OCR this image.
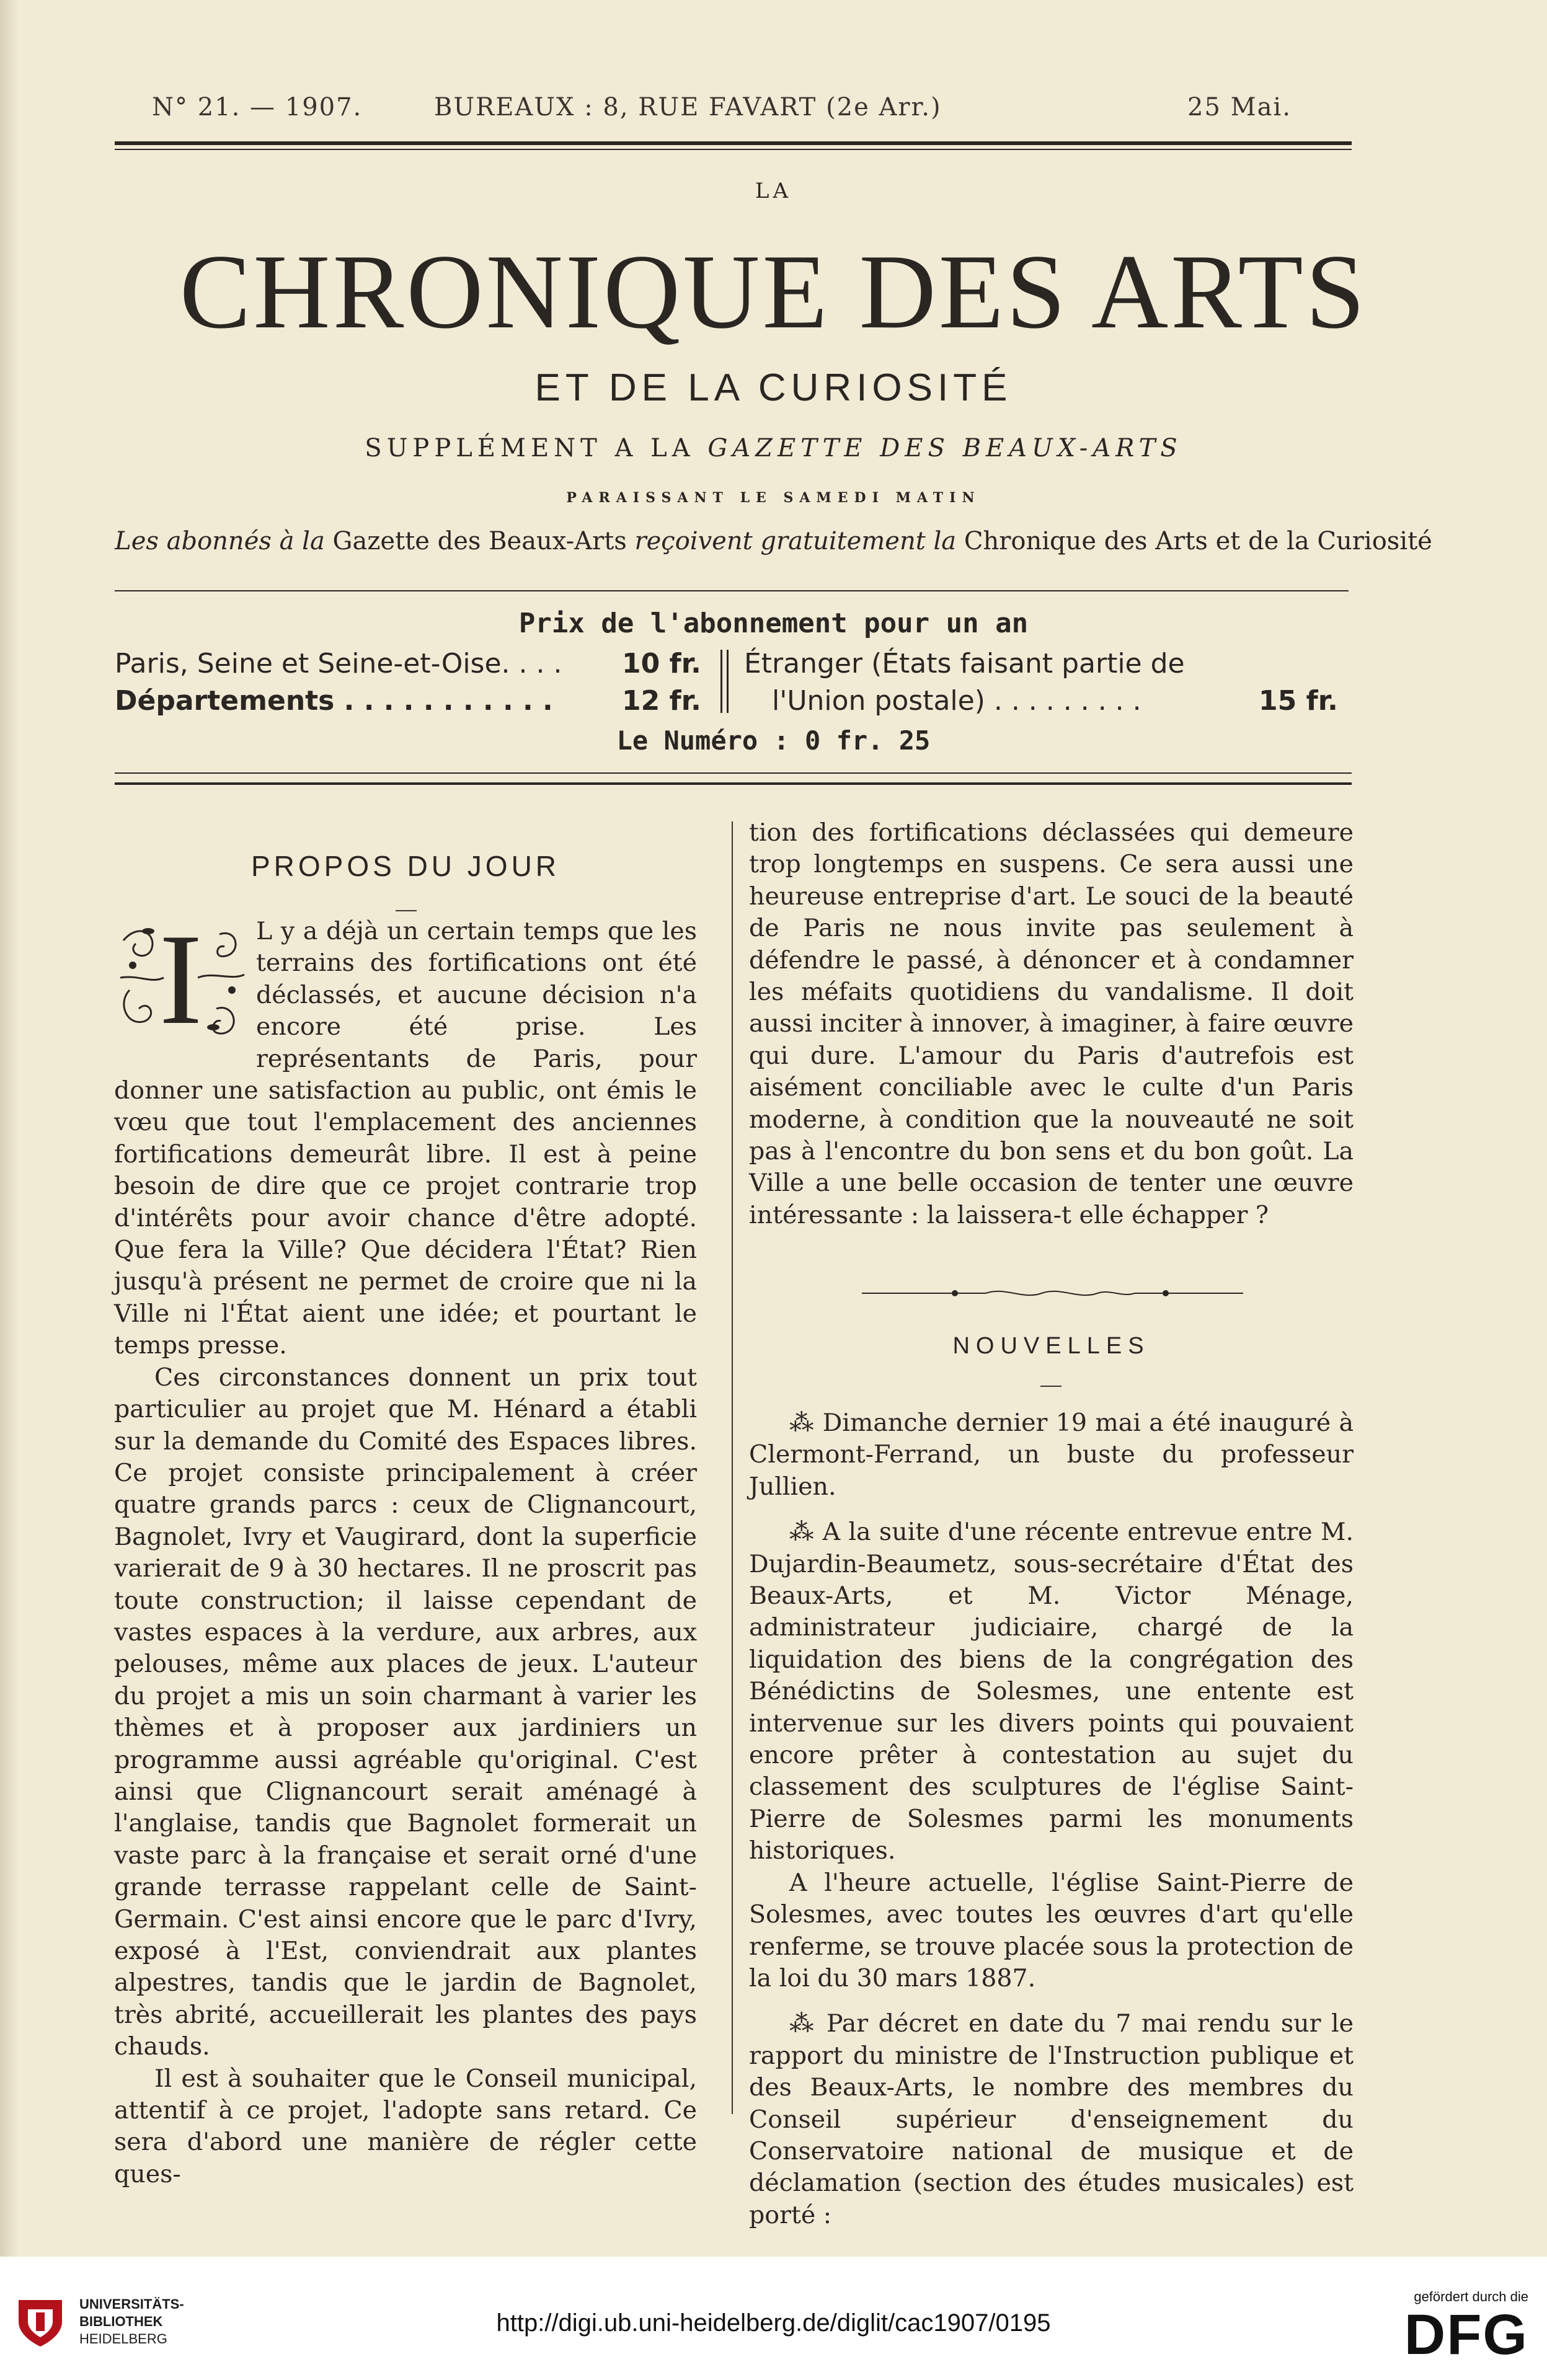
N° 21. — 1907.	BUREAUX : 8, RUE FAVART (2e Arr.)	25 Mai.
LA
CHRONIQUE DES ARTS
ET DE LA CURIOSITÉ
SUPPLÉMENT A LA GAZETTE DES BEAUX-ARTS
PARAISSANT LE SAMEDI MATIN
Les abonnés à la Gazette des Beaux-Arts reçoivent gratuitement la Chronique des Arts et de la Curiosité
Prix de l'abonnement pour un an
Paris, Seine et Seine-et-Oise. . . . 10 fr.
Départements . . . . . . . . . . .	12 fr.
Étranger (États faisant partie de
l'Union postale) . . . . . . . . .	15 fr.
Le Numéro : 0 fr. 25
PROPOS DU JOUR

I L y a déjà un certain temps que les terrains des fortifications ont été déclassés, et aucune décision n'a encore été prise. Les représentants de Paris, pour donner une satisfaction au public, ont émis le vœu que tout l'emplacement des anciennes fortifications demeurât libre. Il est à peine besoin de dire que ce projet contrarie trop d'intérêts pour avoir chance d'être adopté. Que fera la Ville? Que décidera l'État? Rien jusqu'à présent ne permet de croire que ni la Ville ni l'État aient une idée; et pourtant le temps presse.

Ces circonstances donnent un prix tout particulier au projet que M. Hénard a établi sur la demande du Comité des Espaces libres. Ce projet consiste principalement à créer quatre grands parcs : ceux de Clignancourt, Bagnolet, Ivry et Vaugirard, dont la superficie varierait de 9 à 30 hectares. Il ne proscrit pas toute construction; il laisse cependant de vastes espaces à la verdure, aux arbres, aux pelouses, même aux places de jeux. L'auteur du projet a mis un soin charmant à varier les thèmes et à proposer aux jardiniers un programme aussi agréable qu'original. C'est ainsi que Clignancourt serait aménagé à l'anglaise, tandis que Bagnolet formerait un vaste parc à la française et serait orné d'une grande terrasse rappelant celle de Saint-Germain. C'est ainsi encore que le parc d'Ivry, exposé à l'Est, conviendrait aux plantes alpestres, tandis que le jardin de Bagnolet, très abrité, accueillerait les plantes des pays chauds.

Il est à souhaiter que le Conseil municipal, attentif à ce projet, l'adopte sans retard. Ce sera d'abord une manière de régler cette ques-

tion des fortifications déclassées qui demeure trop longtemps en suspens. Ce sera aussi une heureuse entreprise d'art. Le souci de la beauté de Paris ne nous invite pas seulement à défendre le passé, à dénoncer et à condamner les méfaits quotidiens du vandalisme. Il doit aussi inciter à innover, à imaginer, à faire œuvre qui dure. L'amour du Paris d'autrefois est aisément conciliable avec le culte d'un Paris moderne, à condition que la nouveauté ne soit pas à l'encontre du bon sens et du bon goût. La Ville a une belle occasion de tenter une œuvre intéressante : la laissera-t elle échapper ?

NOUVELLES

⁂ Dimanche dernier 19 mai a été inauguré à Clermont-Ferrand, un buste du professeur Jullien.

⁂ A la suite d'une récente entrevue entre M. Dujardin-Beaumetz, sous-secrétaire d'État des Beaux-Arts, et M. Victor Ménage, administrateur judiciaire, chargé de la liquidation des biens de la congrégation des Bénédictins de Solesmes, une entente est intervenue sur les divers points qui pouvaient encore prêter à contestation au sujet du classement des sculptures de l'église Saint-Pierre de Solesmes parmi les monuments historiques.

A l'heure actuelle, l'église Saint-Pierre de Solesmes, avec toutes les œuvres d'art qu'elle renferme, se trouve placée sous la protection de la loi du 30 mars 1887.

⁂ Par décret en date du 7 mai rendu sur le rapport du ministre de l'Instruction publique et des Beaux-Arts, le nombre des membres du Conseil supérieur d'enseignement du Conservatoire national de musique et de déclamation (section des études musicales) est porté :

UNIVERSITÄTS-
BIBLIOTHEK
HEIDELBERG
http://digi.ub.uni-heidelberg.de/diglit/cac1907/0195
gefördert durch die
DFG
